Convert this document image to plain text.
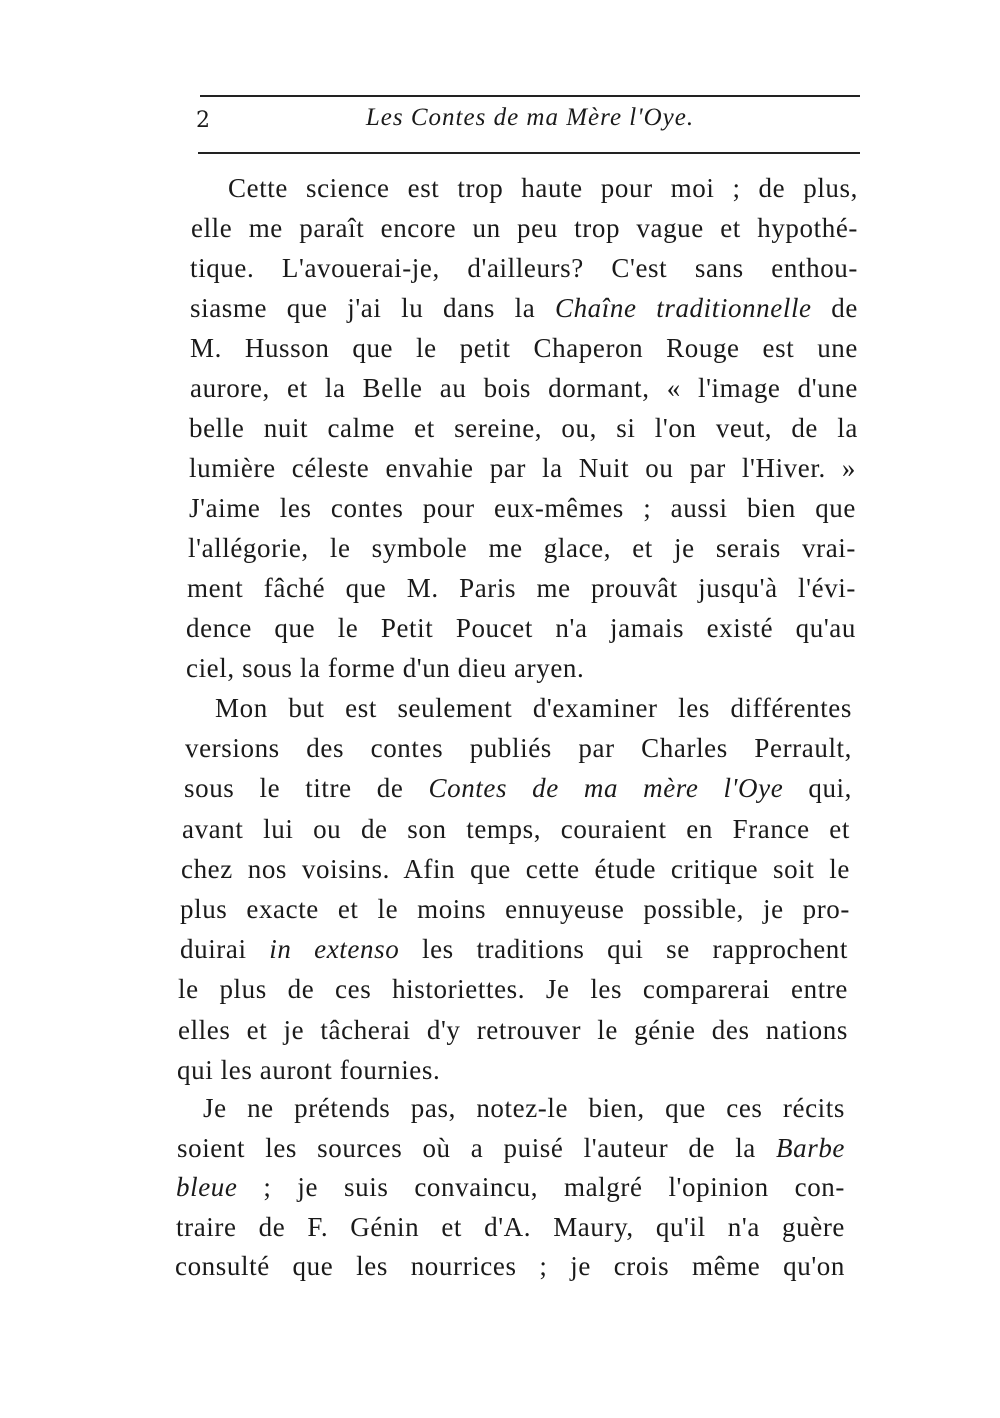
2	Les Contes de ma Mère l'Oye.
Cette science est trop haute pour moi ; de plus,
elle me paraît encore un peu trop vague et hypothé-
tique. L'avouerai-je, d'ailleurs? C'est sans enthou-
siasme que j'ai lu dans la Chaîne traditionnelle de
M. Husson que le petit Chaperon Rouge est une
aurore, et la Belle au bois dormant, « l'image d'une
belle nuit calme et sereine, ou, si l'on veut, de la
lumière céleste envahie par la Nuit ou par l'Hiver. »
J'aime les contes pour eux-mêmes ; aussi bien que
l'allégorie, le symbole me glace, et je serais vrai-
ment fâché que M. Paris me prouvât jusqu'à l'évi-
dence que le Petit Poucet n'a jamais existé qu'au
ciel, sous la forme d'un dieu aryen.
Mon but est seulement d'examiner les différentes
versions des contes publiés par Charles Perrault,
sous le titre de Contes de ma mère l'Oye qui,
avant lui ou de son temps, couraient en France et
chez nos voisins. Afin que cette étude critique soit le
plus exacte et le moins ennuyeuse possible, je pro-
duirai in extenso les traditions qui se rapprochent
le plus de ces historiettes. Je les comparerai entre
elles et je tâcherai d'y retrouver le génie des nations
qui les auront fournies.
Je ne prétends pas, notez-le bien, que ces récits
soient les sources où a puisé l'auteur de la Barbe
bleue ; je suis convaincu, malgré l'opinion con-
traire de F. Génin et d'A. Maury, qu'il n'a guère
consulté que les nourrices ; je crois même qu'on
